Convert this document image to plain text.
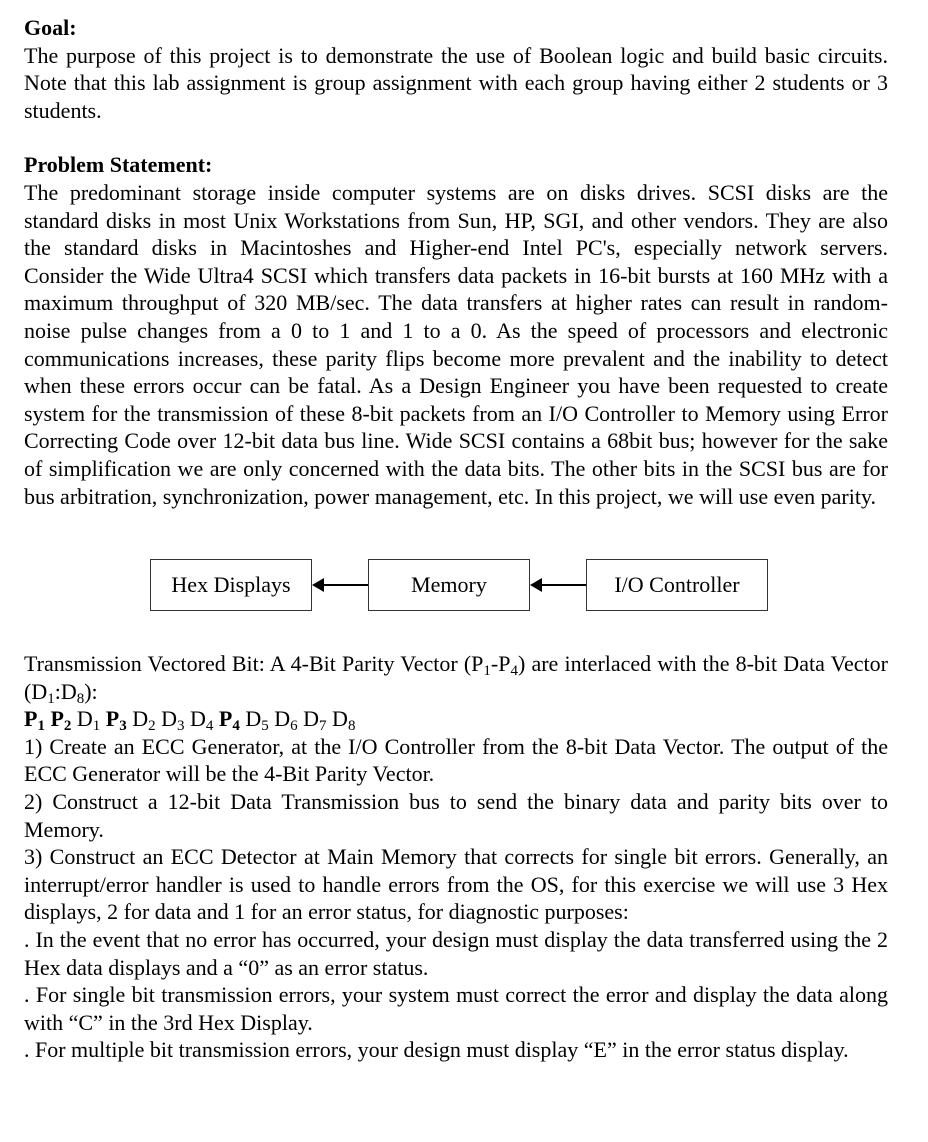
Goal:
The purpose of this project is to demonstrate the use of Boolean logic and build basic circuits. Note that this lab assignment is group assignment with each group having either 2 students or 3 students.
Problem Statement:
The predominant storage inside computer systems are on disks drives. SCSI disks are the standard disks in most Unix Workstations from Sun, HP, SGI, and other vendors. They are also the standard disks in Macintoshes and Higher-end Intel PC's, especially network servers. Consider the Wide Ultra4 SCSI which transfers data packets in 16-bit bursts at 160 MHz with a maximum throughput of 320 MB/sec. The data transfers at higher rates can result in random-noise pulse changes from a 0 to 1 and 1 to a 0. As the speed of processors and electronic communications increases, these parity flips become more prevalent and the inability to detect when these errors occur can be fatal. As a Design Engineer you have been requested to create system for the transmission of these 8-bit packets from an I/O Controller to Memory using Error Correcting Code over 12-bit data bus line. Wide SCSI contains a 68bit bus; however for the sake of simplification we are only concerned with the data bits. The other bits in the SCSI bus are for bus arbitration, synchronization, power management, etc. In this project, we will use even parity.
Hex Displays	Memory	I/O Controller
Transmission Vectored Bit: A 4-Bit Parity Vector $(P_1-P_4)$ are interlaced with the 8-bit Data Vector $(D_1:D_8)$:
$P_1$ $P_2$ $D_1$ $P_3$ $D_2$ $D_3$ $D_4$ $P_4$ $D_5$ $D_6$ $D_7$ $D_8$
1) Create an ECC Generator, at the I/O Controller from the 8-bit Data Vector. The output of the ECC Generator will be the 4-Bit Parity Vector.
2) Construct a 12-bit Data Transmission bus to send the binary data and parity bits over to Memory.
3) Construct an ECC Detector at Main Memory that corrects for single bit errors. Generally, an interrupt/error handler is used to handle errors from the OS, for this exercise we will use 3 Hex displays, 2 for data and 1 for an error status, for diagnostic purposes:
. In the event that no error has occurred, your design must display the data transferred using the 2 Hex data displays and a “0” as an error status.
. For single bit transmission errors, your system must correct the error and display the data along with “C” in the 3rd Hex Display.
. For multiple bit transmission errors, your design must display “E” in the error status display.
